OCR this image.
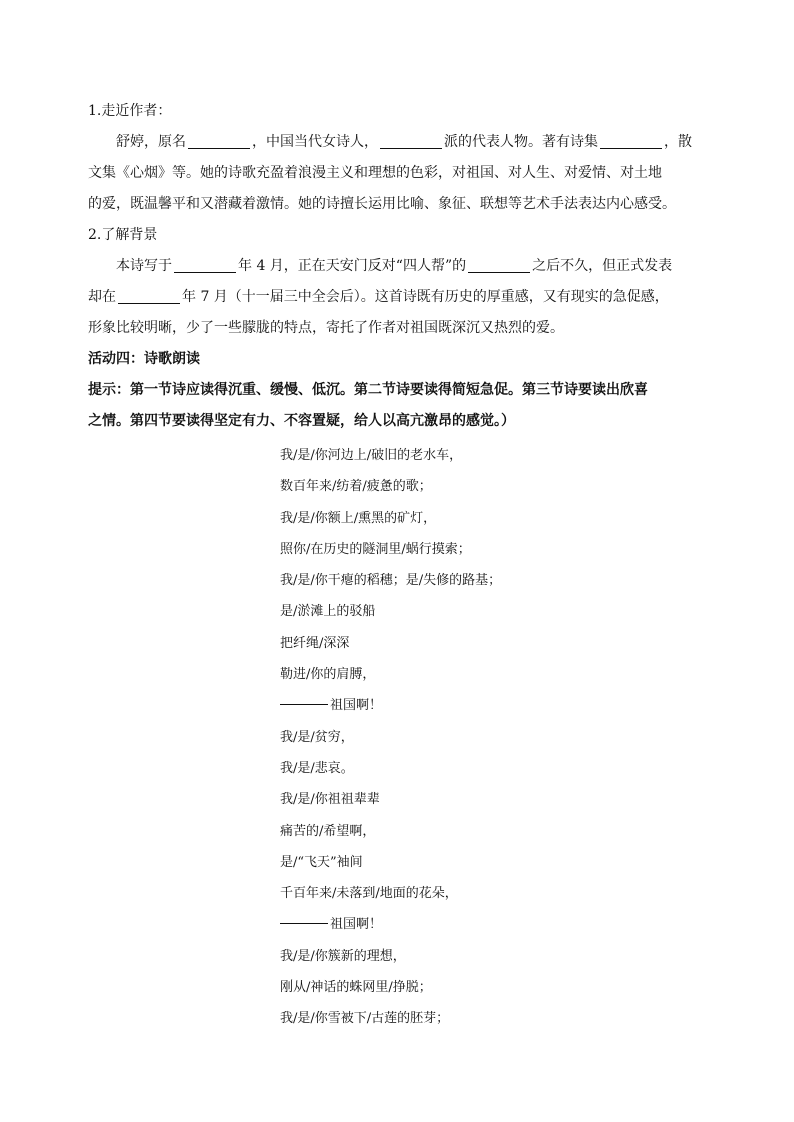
1.走近作者：
舒婷，原名	，中国当代女诗人，	派的代表人物。著有诗集	，散
文集《心烟》等。她的诗歌充盈着浪漫主义和理想的色彩，对祖国、对人生、对爱情、对土地
的爱，既温馨平和又潜藏着激情。她的诗擅长运用比喻、象征、联想等艺术手法表达内心感受。
2.了解背景
本诗写于	年 4 月，正在天安门反对“四人帮”的	之后不久，但正式发表
却在	年 7 月（十一届三中全会后）。这首诗既有历史的厚重感，又有现实的急促感，
形象比较明晰，少了一些朦胧的特点，寄托了作者对祖国既深沉又热烈的爱。
活动四：诗歌朗读
提示：第一节诗应读得沉重、缓慢、低沉。第二节诗要读得简短急促。第三节诗要读出欣喜
之情。第四节要读得坚定有力、不容置疑，给人以高亢激昂的感觉。）
我/是/你河边上/破旧的老水车，
数百年来/纺着/疲惫的歌；
我/是/你额上/熏黑的矿灯，
照你/在历史的隧洞里/蜗行摸索；
我/是/你干瘪的稻穗；是/失修的路基；
是/淤滩上的驳船
把纤绳/深深
勒进/你的肩膊，
祖国啊！
我/是/贫穷，
我/是/悲哀。
我/是/你祖祖辈辈
痛苦的/希望啊，
是/“飞天”袖间
千百年来/未落到/地面的花朵，
祖国啊！
我/是/你簇新的理想，
刚从/神话的蛛网里/挣脱；
我/是/你雪被下/古莲的胚芽；
